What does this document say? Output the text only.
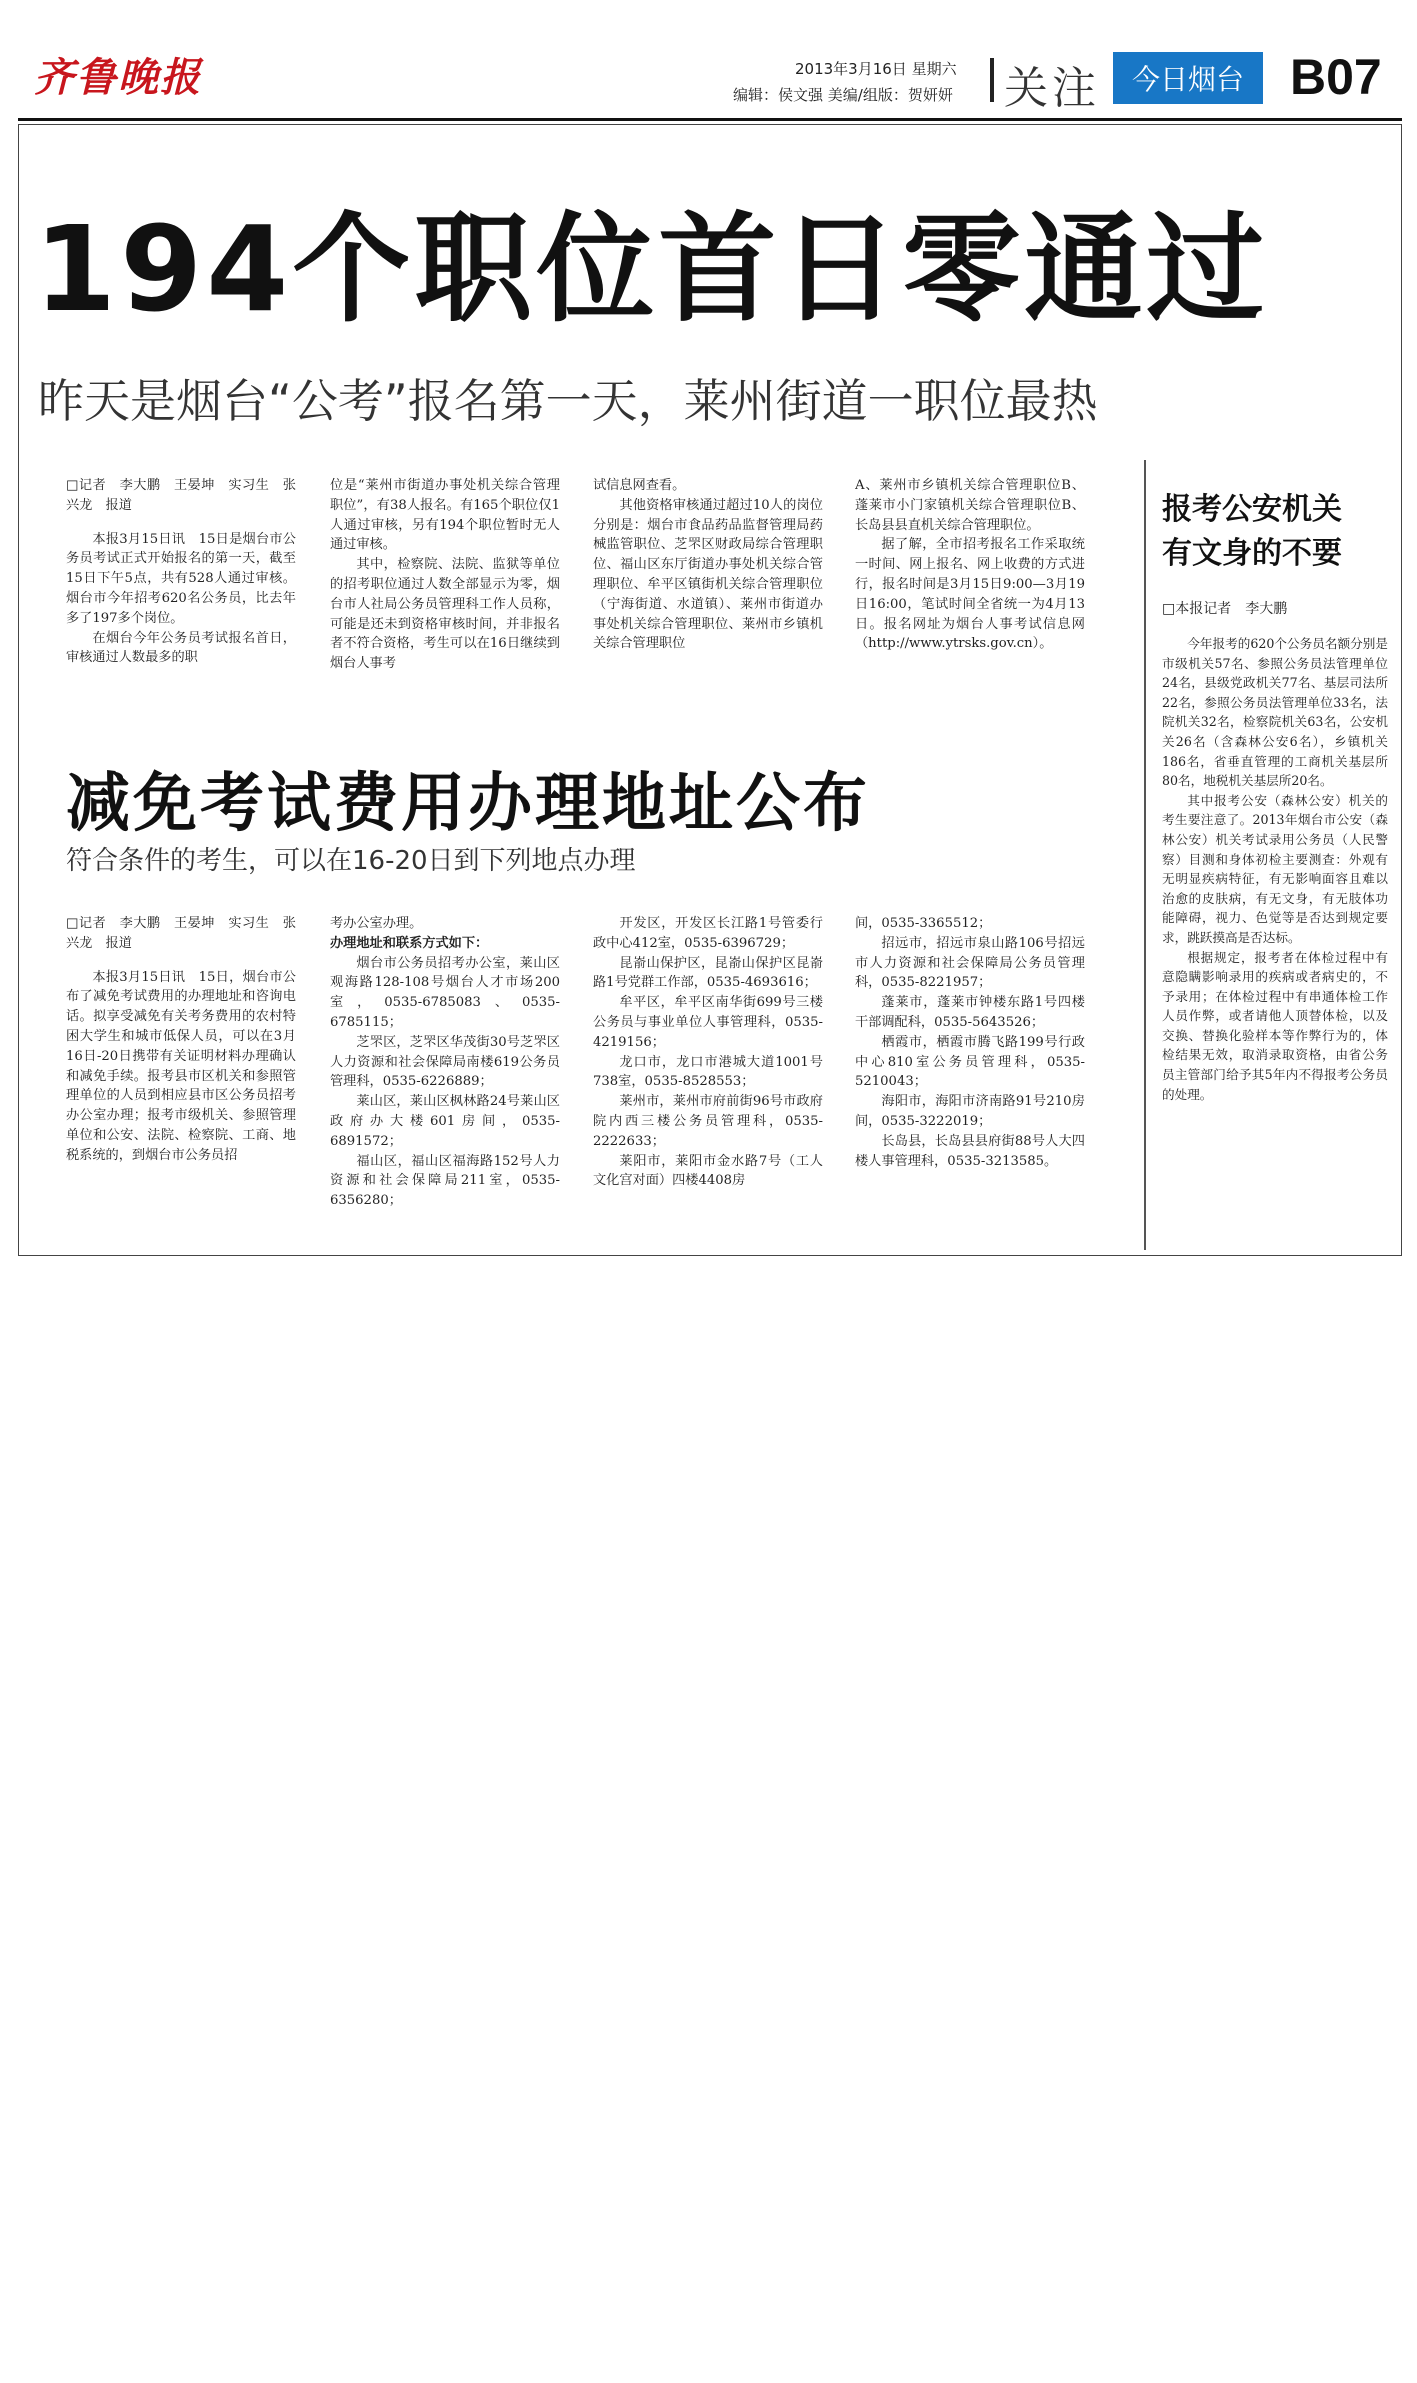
齐鲁晚报	2013年3月16日 星期六
编辑：侯文强 美编/组版：贺妍妍 关注	今日烟台 B07
194个职位首日零通过
昨天是烟台“公考”报名第一天，莱州街道一职位最热

□记者　李大鹏　王晏坤　实习生　张兴龙　报道

本报3月15日讯　15日是烟台市公务员考试正式开始报名的第一天，截至15日下午5点，共有528人通过审核。烟台市今年招考620名公务员，比去年多了197多个岗位。

在烟台今年公务员考试报名首日，审核通过人数最多的职

位是“莱州市街道办事处机关综合管理职位”，有38人报名。有165个职位仅1人通过审核，另有194个职位暂时无人通过审核。

其中，检察院、法院、监狱等单位的招考职位通过人数全部显示为零，烟台市人社局公务员管理科工作人员称，可能是还未到资格审核时间，并非报名者不符合资格，考生可以在16日继续到烟台人事考

试信息网查看。

其他资格审核通过超过10人的岗位分别是：烟台市食品药品监督管理局药械监管职位、芝罘区财政局综合管理职位、福山区东厅街道办事处机关综合管理职位、牟平区镇街机关综合管理职位（宁海街道、水道镇）、莱州市街道办事处机关综合管理职位、莱州市乡镇机关综合管理职位

A、莱州市乡镇机关综合管理职位B、蓬莱市小门家镇机关综合管理职位B、长岛县县直机关综合管理职位。

据了解，全市招考报名工作采取统一时间、网上报名、网上收费的方式进行，报名时间是3月15日9:00—3月19日16:00，笔试时间全省统一为4月13日。报名网址为烟台人事考试信息网（http://www.ytrsks.gov.cn）。

减免考试费用办理地址公布
符合条件的考生，可以在16-20日到下列地点办理

□记者　李大鹏　王晏坤　实习生　张兴龙　报道

本报3月15日讯　15日，烟台市公布了减免考试费用的办理地址和咨询电话。拟享受减免有关考务费用的农村特困大学生和城市低保人员，可以在3月16日-20日携带有关证明材料办理确认和减免手续。报考县市区机关和参照管理单位的人员到相应县市区公务员招考办公室办理；报考市级机关、参照管理单位和公安、法院、检察院、工商、地税系统的，到烟台市公务员招

考办公室办理。

办理地址和联系方式如下：

烟台市公务员招考办公室，莱山区观海路128-108号烟台人才市场200室，0535-6785083、0535-6785115；

芝罘区，芝罘区华茂街30号芝罘区人力资源和社会保障局南楼619公务员管理科，0535-6226889；

莱山区，莱山区枫林路24号莱山区政府办大楼601房间，0535-6891572；

福山区，福山区福海路152号人力资源和社会保障局211室，0535-6356280；

开发区，开发区长江路1号管委行政中心412室，0535-6396729；

昆嵛山保护区，昆嵛山保护区昆嵛路1号党群工作部，0535-4693616；

牟平区，牟平区南华街699号三楼公务员与事业单位人事管理科，0535-4219156；

龙口市，龙口市港城大道1001号738室，0535-8528553；

莱州市，莱州市府前街96号市政府院内西三楼公务员管理科，0535-2222633；

莱阳市，莱阳市金水路7号（工人文化宫对面）四楼4408房

间，0535-3365512；

招远市，招远市泉山路106号招远市人力资源和社会保障局公务员管理科，0535-8221957；

蓬莱市，蓬莱市钟楼东路1号四楼干部调配科，0535-5643526；

栖霞市，栖霞市腾飞路199号行政中心810室公务员管理科，0535-5210043；

海阳市，海阳市济南路91号210房间，0535-3222019；

长岛县，长岛县县府街88号人大四楼人事管理科，0535-3213585。

报考公安机关
有文身的不要
□本报记者　李大鹏

今年报考的620个公务员名额分别是市级机关57名、参照公务员法管理单位24名，县级党政机关77名、基层司法所22名，参照公务员法管理单位33名，法院机关32名，检察院机关63名，公安机关26名（含森林公安6名），乡镇机关186名，省垂直管理的工商机关基层所80名，地税机关基层所20名。

其中报考公安（森林公安）机关的考生要注意了。2013年烟台市公安（森林公安）机关考试录用公务员（人民警察）目测和身体初检主要测查：外观有无明显疾病特征，有无影响面容且难以治愈的皮肤病，有无文身，有无肢体功能障碍，视力、色觉等是否达到规定要求，跳跃摸高是否达标。

根据规定，报考者在体检过程中有意隐瞒影响录用的疾病或者病史的，不予录用；在体检过程中有串通体检工作人员作弊，或者请他人顶替体检，以及交换、替换化验样本等作弊行为的，体检结果无效，取消录取资格，由省公务员主管部门给予其5年内不得报考公务员的处理。
